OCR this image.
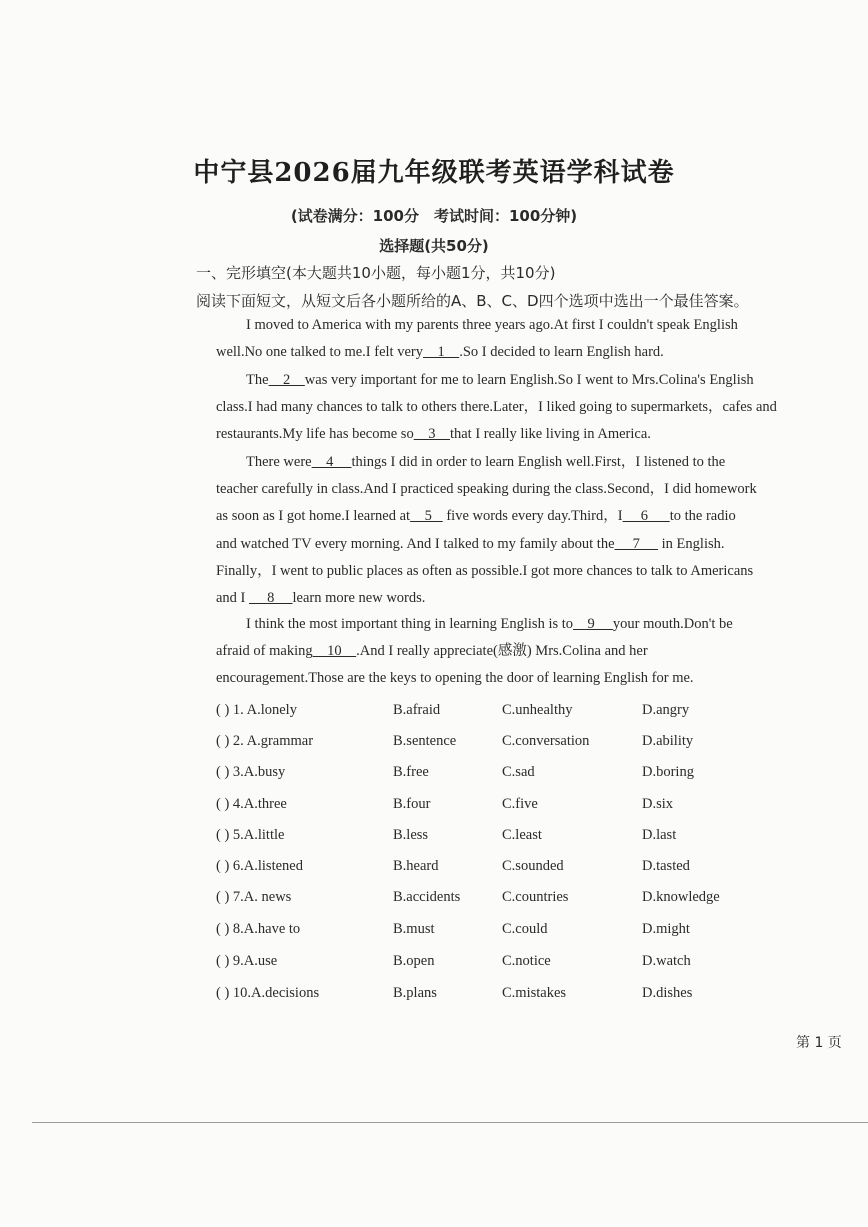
中宁县2026届九年级联考英语学科试卷
(试卷满分：100分　考试时间：100分钟)
选择题(共50分)
一、完形填空(本大题共10小题，每小题1分，共10分)
阅读下面短文，从短文后各小题所给的A、B、C、D四个选项中选出一个最佳答案。
I moved to America with my parents three years ago.At first I couldn't speak English
well.No one talked to me.I felt very    1    .So I decided to learn English hard.
The    2    was very important for me to learn English.So I went to Mrs.Colina's English
class.I had many chances to talk to others there.Later，I liked going to supermarkets，cafes and
restaurants.My life has become so    3    that I really like living in America.
There were    4     things I did in order to learn English well.First，I listened to the
teacher carefully in class.And I practiced speaking during the class.Second，I did homework
as soon as I got home.I learned at    5    five words every day.Third，I     6      to the radio
and watched TV every morning. And I talked to my family about the     7      in English.
Finally，I went to public places as often as possible.I got more chances to talk to Americans
and I      8     learn more new words.
I think the most important thing in learning English is to    9     your mouth.Don't be
afraid of making    10    .And I really appreciate(感激) Mrs.Colina and her
encouragement.Those are the keys to opening the door of learning English for me.
( ) 1. A.lonely	B.afraid	C.unhealthy	D.angry
( ) 2. A.grammar	B.sentence	C.conversation	D.ability
( ) 3.A.busy	B.free	C.sad	D.boring
( ) 4.A.three	B.four	C.five	D.six
( ) 5.A.little	B.less	C.least	D.last
( ) 6.A.listened	B.heard	C.sounded	D.tasted
( ) 7.A. news	B.accidents	C.countries	D.knowledge
( ) 8.A.have to	B.must	C.could	D.might
( ) 9.A.use	B.open	C.notice	D.watch
( ) 10.A.decisions	B.plans	C.mistakes	D.dishes
第 1 页
